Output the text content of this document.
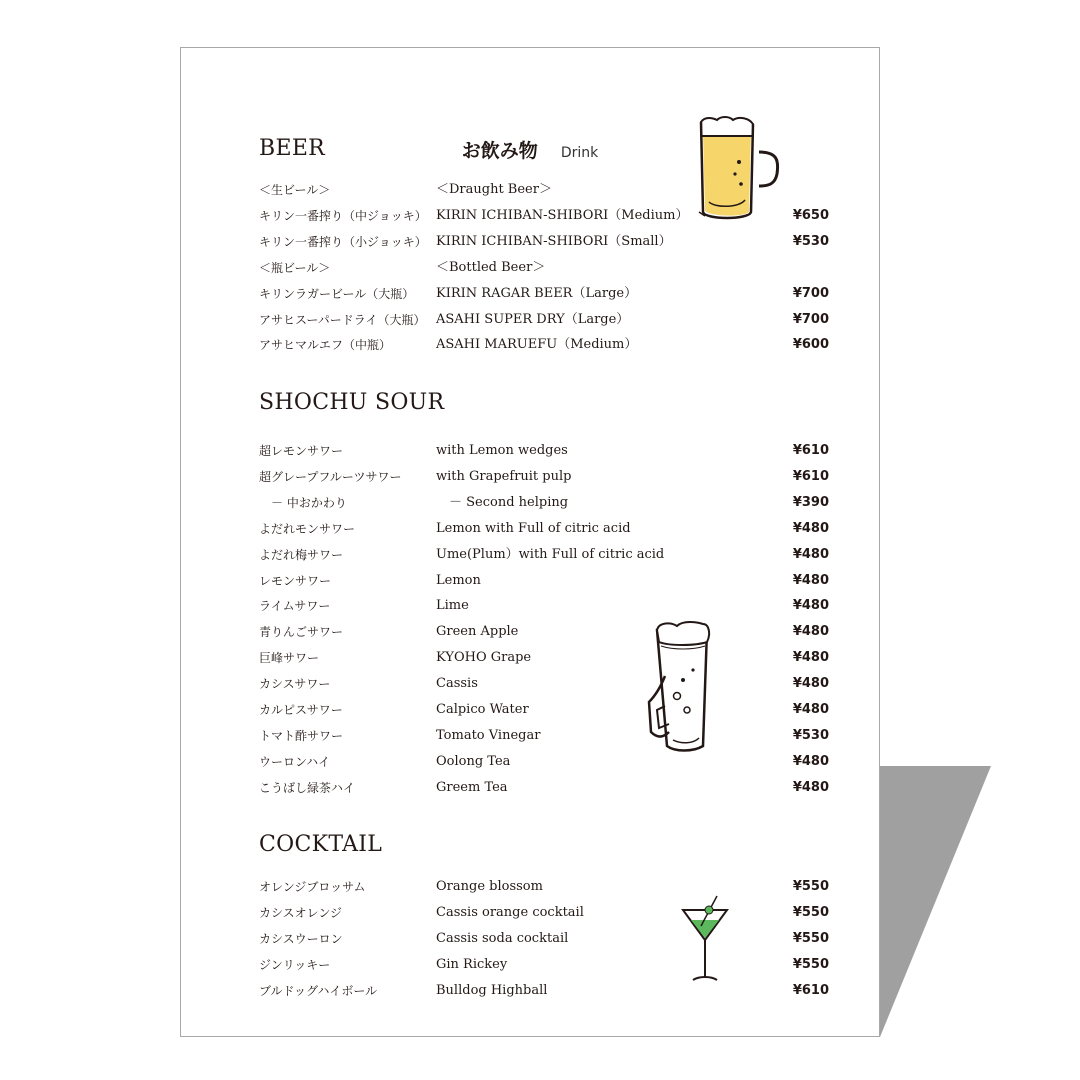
お飲み物 Drink
BEER
＜生ビール＞	＜Draught Beer＞
キリン一番搾り（中ジョッキ） KIRIN ICHIBAN-SHIBORI（Medium）	¥650
キリン一番搾り（小ジョッキ） KIRIN ICHIBAN-SHIBORI（Small）	¥530
＜瓶ビール＞	＜Bottled Beer＞
キリンラガービール（大瓶） KIRIN RAGAR BEER（Large）	¥700
アサヒスーパードライ（大瓶） ASAHI SUPER DRY（Large）	¥700
アサヒマルエフ（中瓶）	ASAHI MARUEFU（Medium）	¥600
SHOCHU SOUR
超レモンサワー	with Lemon wedges	¥610
超グレープフルーツサワー	with Grapefruit pulp	¥610
－ 中おかわり	－ Second helping	¥390
よだれモンサワー	Lemon with Full of citric acid	¥480
よだれ梅サワー	Ume(Plum）with Full of citric acid	¥480
レモンサワー	Lemon	¥480
ライムサワー	Lime	¥480
青りんごサワー	Green Apple	¥480
巨峰サワー	KYOHO Grape	¥480
カシスサワー	Cassis	¥480
カルピスサワー	Calpico Water	¥480
トマト酢サワー	Tomato Vinegar	¥530
ウーロンハイ	Oolong Tea	¥480
こうばし緑茶ハイ	Greem Tea	¥480
COCKTAIL
オレンジブロッサム	Orange blossom	¥550
カシスオレンジ	Cassis orange cocktail	¥550
カシスウーロン	Cassis soda cocktail	¥550
ジンリッキー	Gin Rickey	¥550
ブルドッグハイボール	Bulldog Highball	¥610
